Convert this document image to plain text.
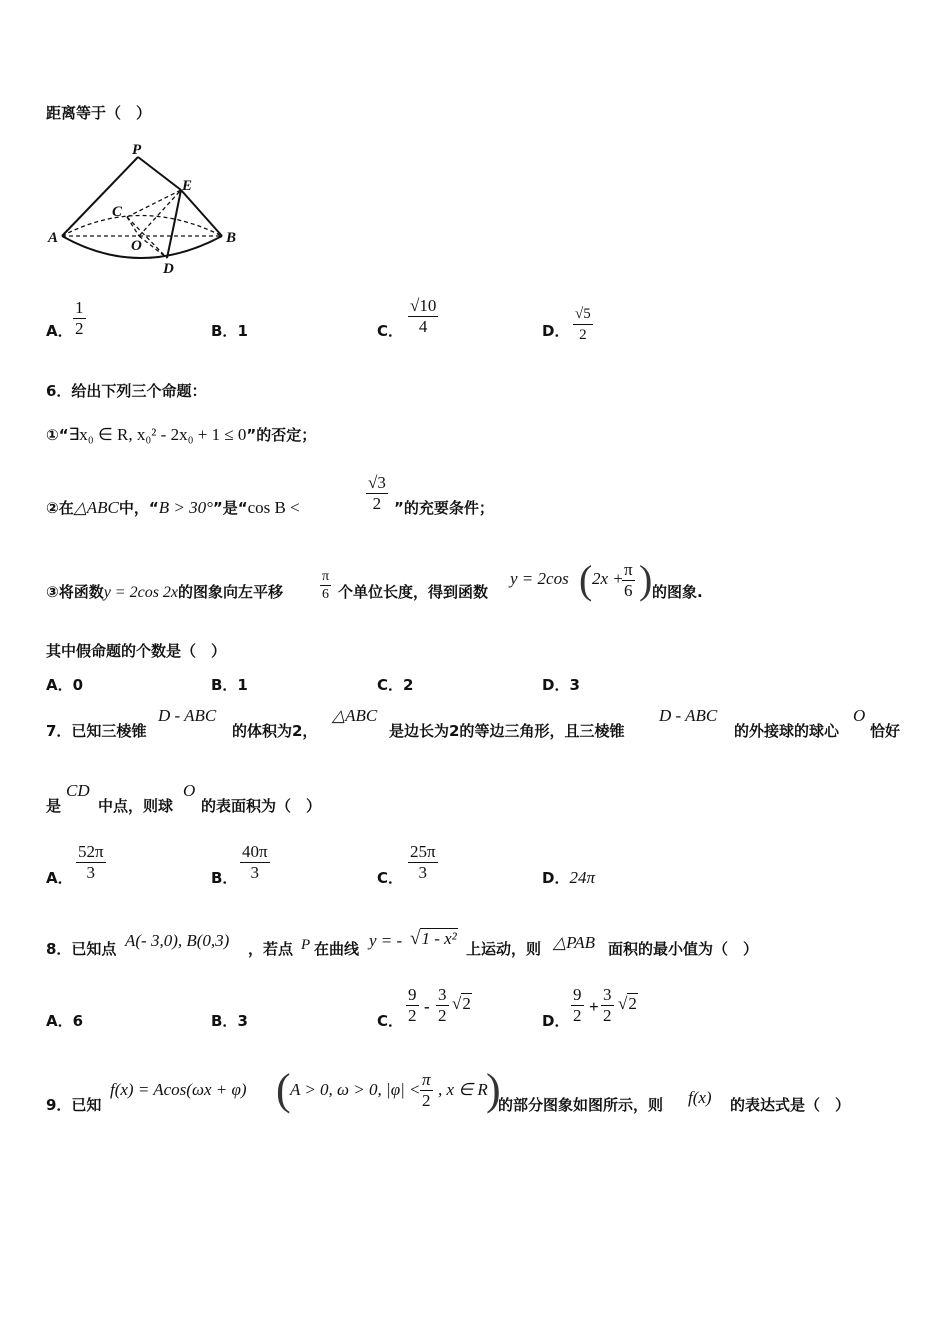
距离等于（　）
P
E
C
A	O	B
D
A． $\frac{1}{2}$	B．1	C． $\frac{√10}{4}$	D． $\frac{√5}{2}$
6．给出下列三个命题：
①“∃x₀ ∈ R, x₀² - 2x₀ + 1 ≤ 0”的否定；
②在△ABC中，“B > 30°”是“cos B <	$\frac{√3}{2}$ ”的充要条件；
③将函数y = 2cos 2x的图象向左平移	$\frac{\pi}{6}$ 个单位长度，得到函数
y = 2cos ( 2x +
$\frac{\pi}{6}$ ) 的图象.
其中假命题的个数是（　）
A．0	B．1	C．2	D．3
7．已知三棱锥
D - ABC
的体积为2，
△ABC
是边长为2的等边三角形，且三棱锥
D - ABC
的外接球的球心
O
恰好
是
CD
中点，则球
O
的表面积为（　）
A． $\frac{52\pi}{3}$	B． $\frac{40\pi}{3}$	C． $\frac{25\pi}{3}$	D．24π
8．已知点 A(- 3,0), B(0,3) ，若点 P 在曲线 y = - √1 - x²
上运动，则 △PAB 面积的最小值为（　）
A．6	B．3	C． $\frac{9}{2} - \frac{3}{2} √2$
D． $\frac{9}{2} + \frac{3}{2} √2$
9．已知
f(x) = Acos(ωx + φ) ( A > 0, ω > 0, $|\varphi| < \frac{\pi}{2}$ , x ∈ R
)
的部分图象如图所示，则 f(x) 的表达式是（　）
